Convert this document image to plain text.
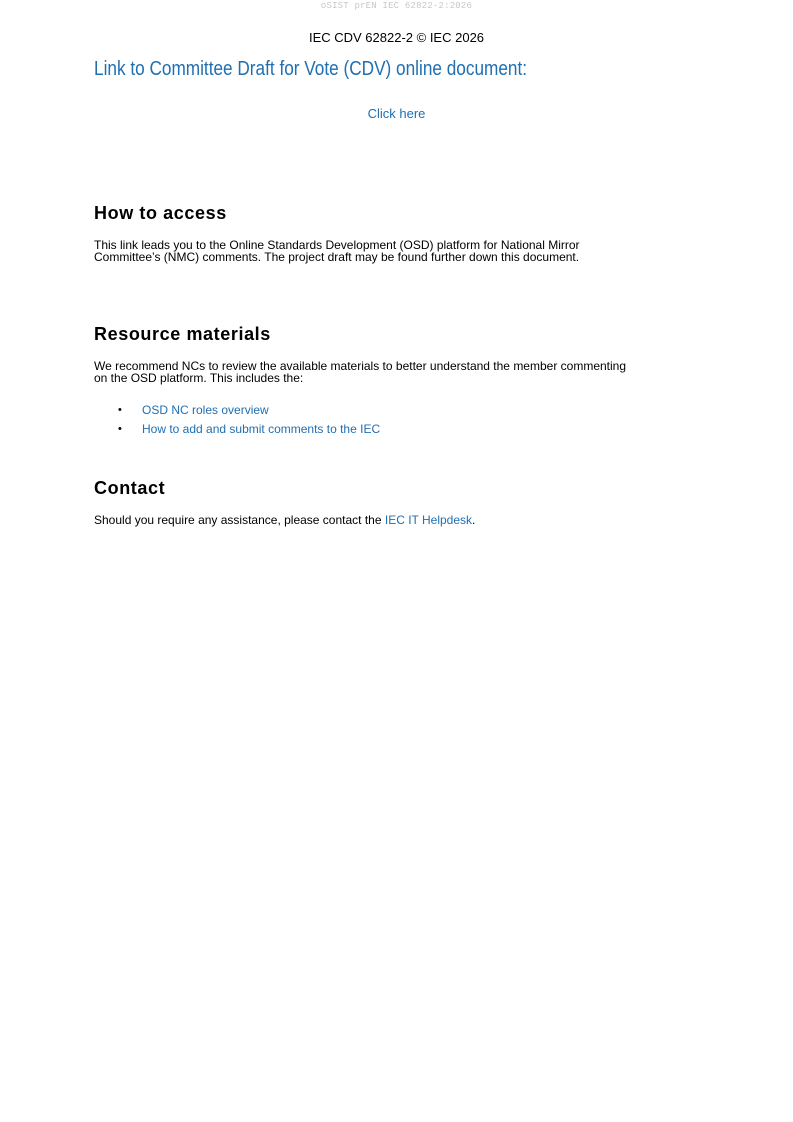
oSIST prEN IEC 62822-2:2026
IEC CDV 62822-2 © IEC 2026
Link to Committee Draft for Vote (CDV) online document:
Click here
How to access
This link leads you to the Online Standards Development (OSD) platform for National Mirror
Committee’s (NMC) comments. The project draft may be found further down this document.
Resource materials
We recommend NCs to review the available materials to better understand the member commenting
on the OSD platform. This includes the:
• OSD NC roles overview
• How to add and submit comments to the IEC
Contact
Should you require any assistance, please contact the IEC IT Helpdesk.
